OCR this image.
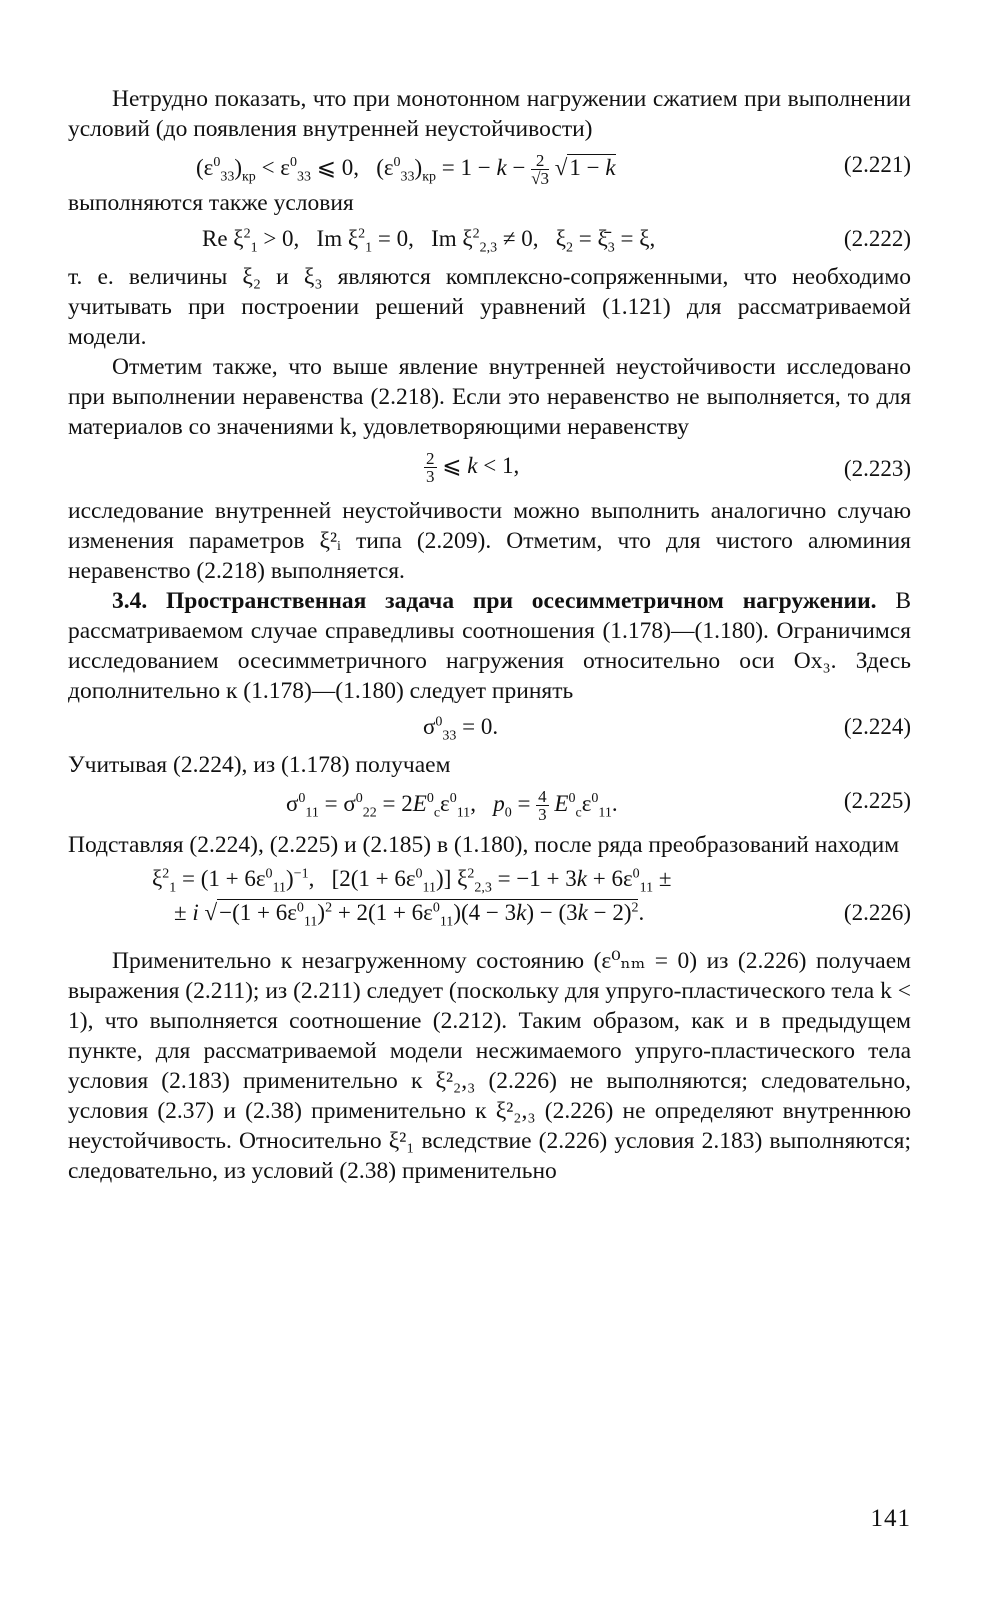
Нетрудно показать, что при монотонном нагружении сжатием при выполнении условий (до появления внутренней неустойчивости)

$(\varepsilon^0_{33})_{кр} < \varepsilon^0_{33}$ ⩽ 0,   $(\varepsilon^0_{33})_{кр} = 1 - k - \frac{2}{√3} √1 - k$	(2.221)

выполняются также условия

Re $\xi^2_1 > 0$,   Im $\xi^2_1 = 0$,   Im $\xi^2_{2,3} \ne 0$,   $\xi_2$ = $\xī_3 = \xi$,	(2.222)

т. е. величины ξ₂ и ξ₃ являются комплексно-сопряженными, что необходимо учитывать при построении решений уравнений (1.121) для рассматриваемой модели.

Отметим также, что выше явление внутренней неустойчивости исследовано при выполнении неравенства (2.218). Если это неравенство не выполняется, то для материалов со значениями k, удовлетворяющими неравенству

$\frac{2}{3}$ ⩽ k < 1,	(2.223)

исследование внутренней неустойчивости можно выполнить аналогично случаю изменения параметров ξ²ᵢ типа (2.209). Отметим, что для чистого алюминия неравенство (2.218) выполняется.

3.4. Пространственная задача при осесимметричном нагружении. В рассматриваемом случае справедливы соотношения (1.178)—(1.180). Ограничимся исследованием осесимметричного нагружения относительно оси Ox₃. Здесь дополнительно к (1.178)—(1.180) следует принять

$\sigma^0_{33} = 0$.	(2.224)

Учитывая (2.224), из (1.178) получаем

$\sigma^0_{11} = \sigma^0_{22} = 2E^0_c\varepsilon^0_{11}$,   $p_0 = \frac{4}{3} E^0_c\varepsilon^0_{11}$.	(2.225)

Подставляя (2.224), (2.225) и (2.185) в (1.180), после ряда преобразований находим

$\xi^2_1 = (1 + 6\varepsilon^0_{11})^{-1}$,   $[2(1 + 6\varepsilon^0_{11})]$ $\xi^2_{2,3} = -1 + 3k + 6\varepsilon^0_{11}$ ±
± i $√-(1 + 6\varepsilon^0_{11})^2 + 2(1 + 6\varepsilon^0_{11})(4 - 3k) - (3k - 2)^2$.	(2.226)

Применительно к незагруженному состоянию (ε⁰ₙₘ = 0) из (2.226) получаем выражения (2.211); из (2.211) следует (поскольку для упруго-пластического тела k < 1), что выполняется соотношение (2.212). Таким образом, как и в предыдущем пункте, для рассматриваемой модели несжимаемого упруго-пластического тела условия (2.183) применительно к ξ²₂,₃ (2.226) не выполняются; следовательно, условия (2.37) и (2.38) применительно к ξ²₂,₃ (2.226) не определяют внутреннюю неустойчивость. Относительно ξ²₁ вследствие (2.226) условия 2.183) выполняются; следовательно, из условий (2.38) применительно

141
